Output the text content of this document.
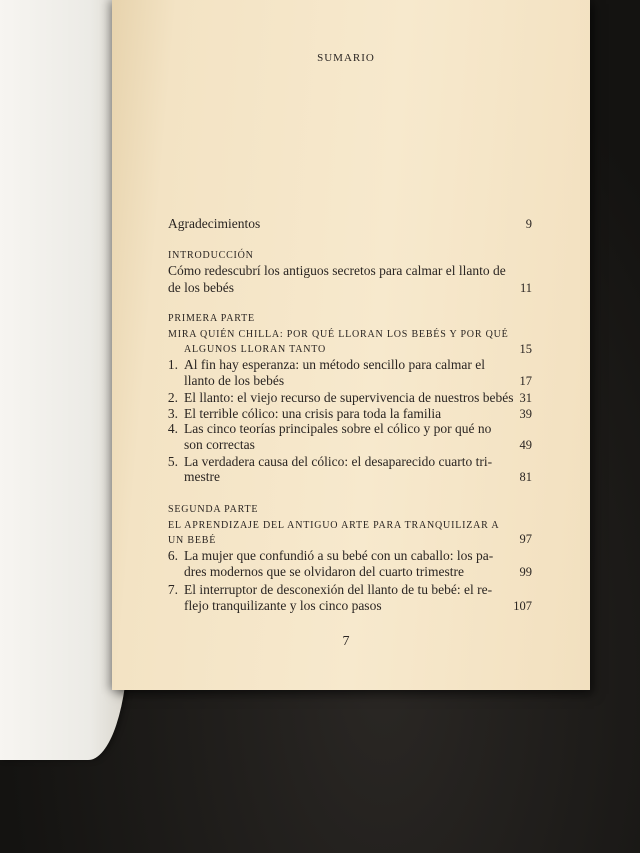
SUMARIO
Agradecimientos	9
INTRODUCCIÓN
Cómo redescubrí los antiguos secretos para calmar el llanto de
de los bebés	11
PRIMERA PARTE
MIRA QUIÉN CHILLA: POR QUÉ LLORAN LOS BEBÉS Y POR QUÉ
ALGUNOS LLORAN TANTO	15
1. Al fin hay esperanza: un método sencillo para calmar el
llanto de los bebés	17
2. El llanto: el viejo recurso de supervivencia de nuestros bebés 31
3. El terrible cólico: una crisis para toda la familia	39
4. Las cinco teorías principales sobre el cólico y por qué no
son correctas	49
5. La verdadera causa del cólico: el desaparecido cuarto tri-
mestre	81
SEGUNDA PARTE
EL APRENDIZAJE DEL ANTIGUO ARTE PARA TRANQUILIZAR A
UN BEBÉ	97
6. La mujer que confundió a su bebé con un caballo: los pa-
dres modernos que se olvidaron del cuarto trimestre	99
7. El interruptor de desconexión del llanto de tu bebé: el re-
flejo tranquilizante y los cinco pasos	107
7
